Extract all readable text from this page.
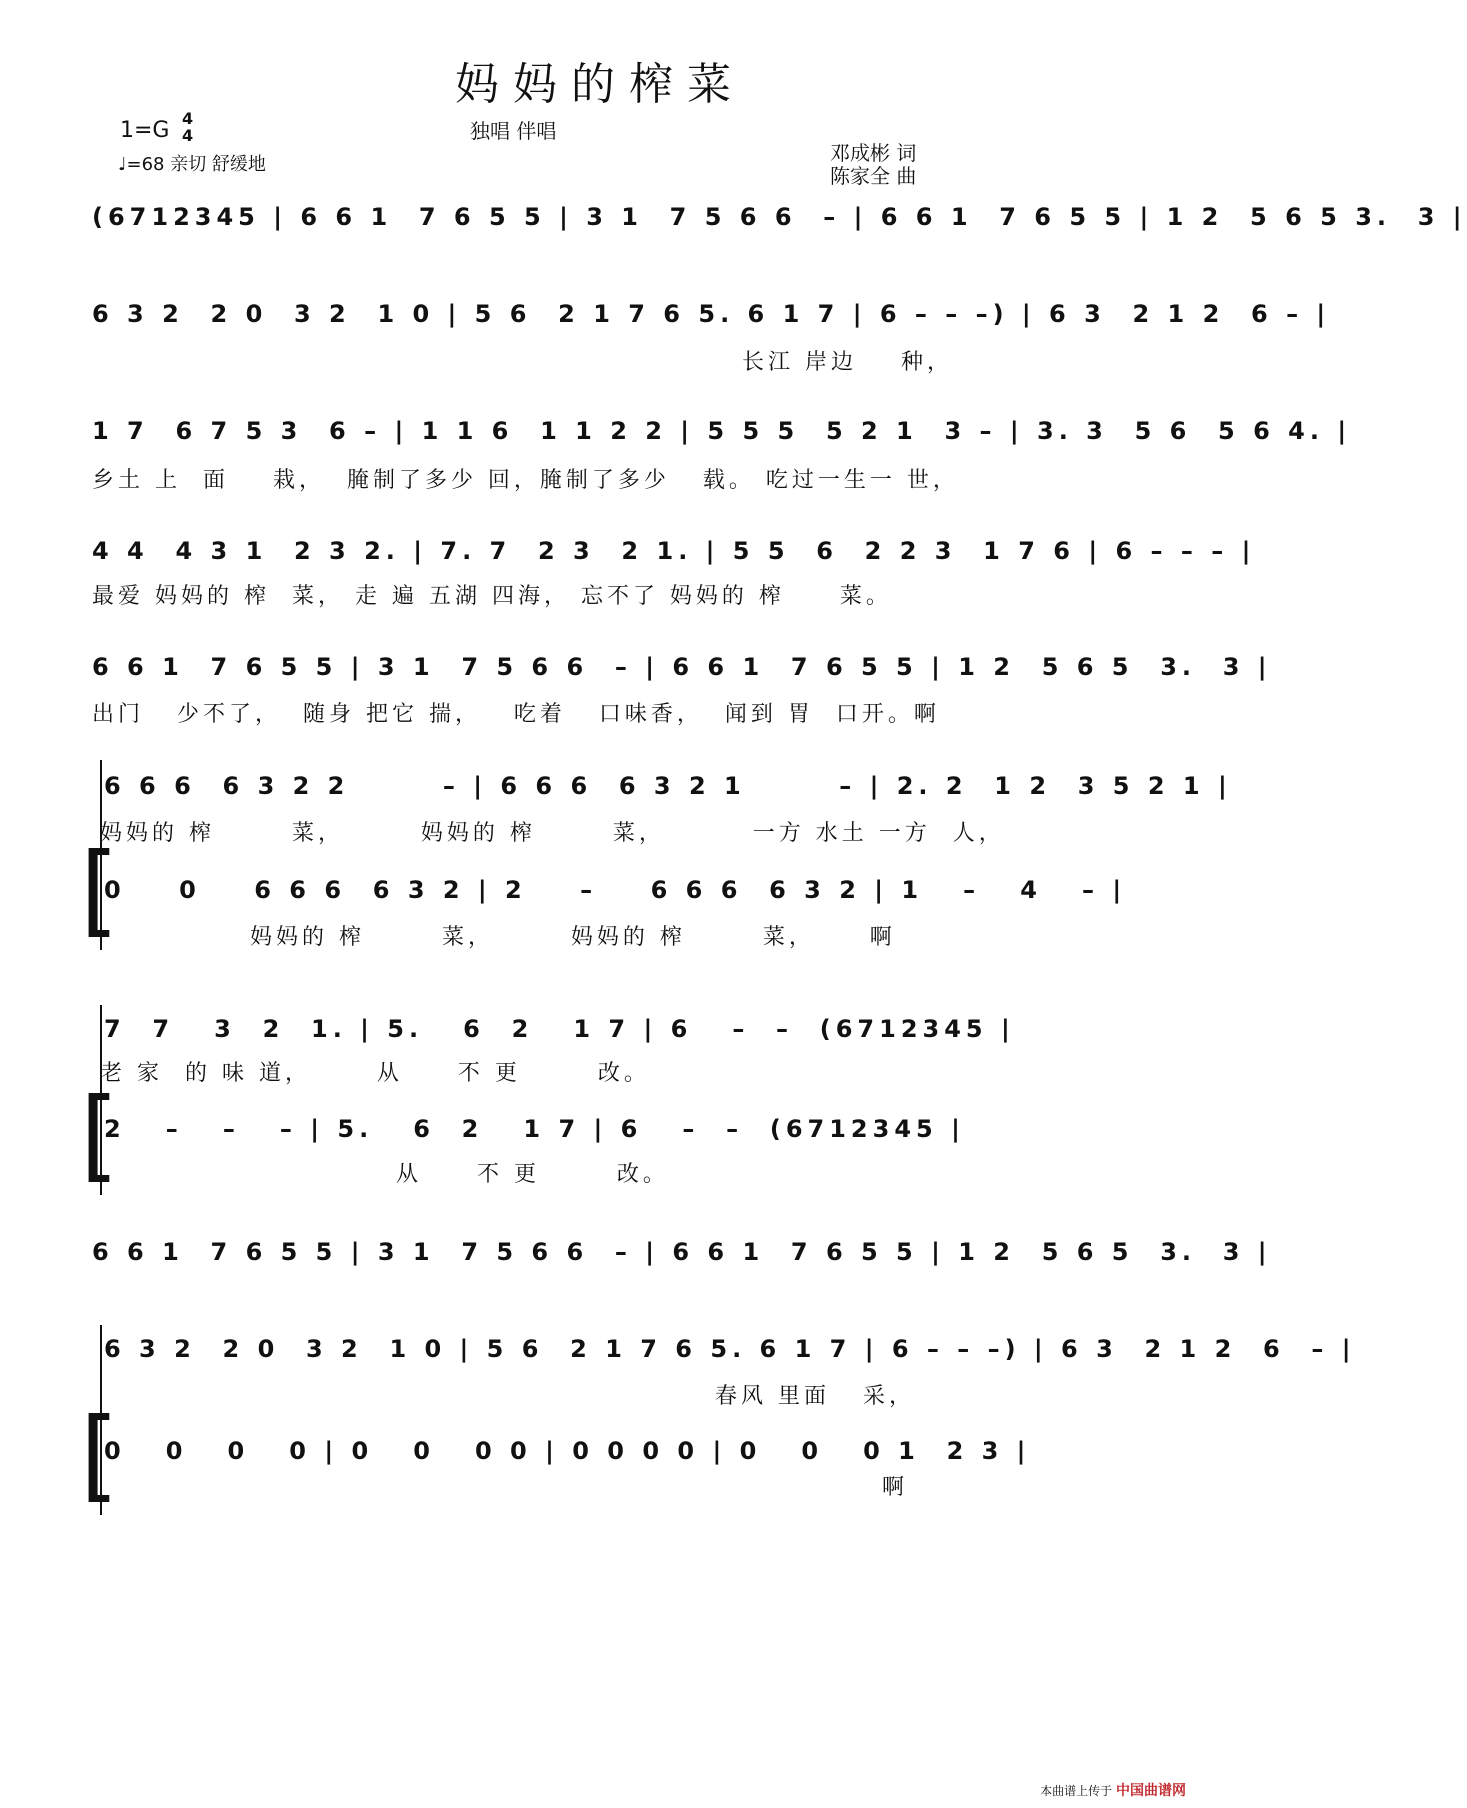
妈妈的榨菜
独唱 伴唱
1=G 4
4
♩=68 亲切 舒缓地	邓成彬 词
陈家全 曲
(6712345 | 6 6 1  7 6 5 5 | 3 1  7 5 6 6  – | 6 6 1  7 6 5 5 | 1 2  5 6 5 3.  3 |
6 3 2  2 0  3 2  1 0 | 5 6  2 1 7 6 5. 6 1 7 | 6 – – –) | 6 3  2 1 2  6 – |
长江 岸边    种，
1 7  6 7 5 3  6 – | 1 1 6  1 1 2 2 | 5 5 5  5 2 1  3 – | 3. 3  5 6  5 6 4. |
乡土 上  面    栽，  腌制了多少 回，腌制了多少   载。 吃过一生一 世，
4 4  4 3 1  2 3 2. | 7. 7  2 3  2 1. | 5 5  6  2 2 3  1 7 6 | 6 – – – |
最爱 妈妈的 榨  菜， 走 遍 五湖 四海， 忘不了 妈妈的 榨     菜。
6 6 1  7 6 5 5 | 3 1  7 5 6 6  – | 6 6 1  7 6 5 5 | 1 2  5 6 5  3.  3 |
出门   少不了，  随身 把它 揣，   吃着   口味香，  闻到 胃  口开。啊
[
6 6 6  6 3 2 2       – | 6 6 6  6 3 2 1       – | 2. 2  1 2  3 5 2 1 |
妈妈的 榨       菜，       妈妈的 榨       菜，        一方 水土 一方  人，
0    0    6 6 6  6 3 2 | 2    –    6 6 6  6 3 2 | 1   –   4   – |
妈妈的 榨       菜，       妈妈的 榨       菜，     啊
[
7  7   3  2  1. | 5.   6  2   1 7 | 6   –  –  (6712345 |
老 家  的 味 道，      从     不 更       改。
2   –   –   – | 5.   6  2   1 7 | 6   –  –  (6712345 |
从     不 更       改。
6 6 1  7 6 5 5 | 3 1  7 5 6 6  – | 6 6 1  7 6 5 5 | 1 2  5 6 5  3.  3 |
[
6 3 2  2 0  3 2  1 0 | 5 6  2 1 7 6 5. 6 1 7 | 6 – – –) | 6 3  2 1 2  6  – |
春风 里面   采，
0   0   0   0 | 0   0   0 0 | 0 0 0 0 | 0   0   0 1  2 3 |
啊
本曲谱上传于 中国曲谱网
